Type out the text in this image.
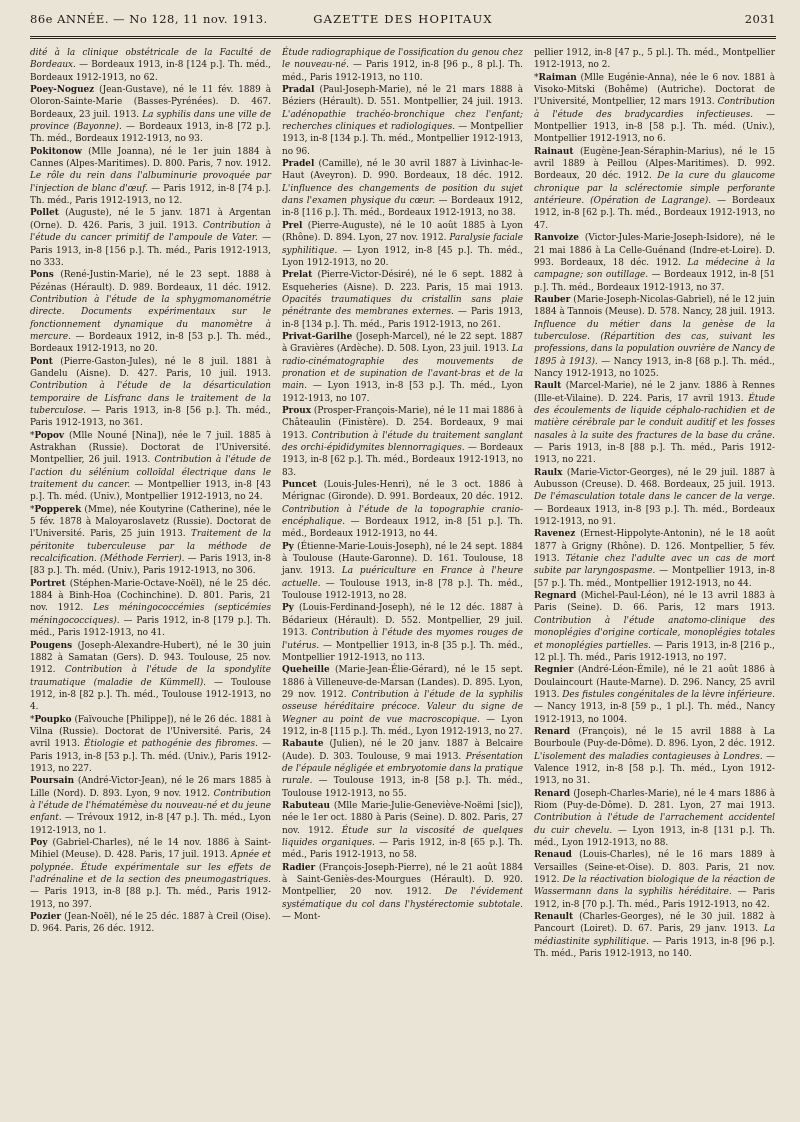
86e ANNÉE. — No 128, 11 nov. 1913.	GAZETTE DES HOPITAUX	2031

dité à la clinique obstétricale de la Faculté de Bordeaux. — Bordeaux 1913, in-8 [124 p.]. Th. méd., Bordeaux 1912-1913, no 62.

Poey-Noguez (Jean-Gustave), né le 11 fév. 1889 à Oloron-Sainte-Marie (Basses-Pyrénées). D. 467. Bordeaux, 23 juil. 1913. La syphilis dans une ville de province (Bayonne). — Bordeaux 1913, in-8 [72 p.]. Th. méd., Bordeaux 1912-1913, no 93.

Pokitonow (Mlle Joanna), né le 1er juin 1884 à Cannes (Alpes-Maritimes). D. 800. Paris, 7 nov. 1912. Le rôle du rein dans l'albuminurie provoquée par l'injection de blanc d'œuf. — Paris 1912, in-8 [74 p.]. Th. méd., Paris 1912-1913, no 12.

Pollet (Auguste), né le 5 janv. 1871 à Argentan (Orne). D. 426. Paris, 3 juil. 1913. Contribution à l'étude du cancer primitif de l'ampoule de Vater. — Paris 1913, in-8 [156 p.]. Th. méd., Paris 1912-1913, no 333.

Pons (René-Justin-Marie), né le 23 sept. 1888 à Pézénas (Hérault). D. 989. Bordeaux, 11 déc. 1912. Contribution à l'étude de la sphygmomanométrie directe. Documents expérimentaux sur le fonctionnement dynamique du manomètre à mercure. — Bordeaux 1912, in-8 [53 p.]. Th. méd., Bordeaux 1912-1913, no 20.

Pont (Pierre-Gaston-Jules), né le 8 juil. 1881 à Gandelu (Aisne). D. 427. Paris, 10 juil. 1913. Contribution à l'étude de la désarticulation temporaire de Lisfranc dans le traitement de la tuberculose. — Paris 1913, in-8 [56 p.]. Th. méd., Paris 1912-1913, no 361.

*Popov (Mlle Nouné [Nina]), née le 7 juil. 1885 à Astrakhan (Russie). Doctorat de l'Université. Montpellier, 26 juil. 1913. Contribution à l'étude de l'action du sélénium colloïdal électrique dans le traitement du cancer. — Montpellier 1913, in-8 [43 p.]. Th. méd. (Univ.), Montpellier 1912-1913, no 24.

*Popperek (Mme), née Koutyrine (Catherine), née le 5 fév. 1878 à Maloyaroslavetz (Russie). Doctorat de l'Université. Paris, 25 juin 1913. Traitement de la péritonite tuberculeuse par la méthode de recalcification. (Méthode Ferrier). — Paris 1913, in-8 [83 p.]. Th. méd. (Univ.), Paris 1912-1913, no 306.

Portret (Stéphen-Marie-Octave-Noël), né le 25 déc. 1884 à Binh-Hoa (Cochinchine). D. 801. Paris, 21 nov. 1912. Les méningococcémies (septicémies méningococciques). — Paris 1912, in-8 [179 p.]. Th. méd., Paris 1912-1913, no 41.

Pougens (Joseph-Alexandre-Hubert), né le 30 juin 1882 à Samatan (Gers). D. 943. Toulouse, 25 nov. 1912. Contribution à l'étude de la spondylite traumatique (maladie de Kümmell). — Toulouse 1912, in-8 [82 p.]. Th. méd., Toulouse 1912-1913, no 4.

*Poupko (Faïvouche [Philippe]), né le 26 déc. 1881 à Vilna (Russie). Doctorat de l'Université. Paris, 24 avril 1913. Étiologie et pathogénie des fibromes. — Paris 1913, in-8 [53 p.]. Th. méd. (Univ.), Paris 1912-1913, no 227.

Poursain (André-Victor-Jean), né le 26 mars 1885 à Lille (Nord). D. 893. Lyon, 9 nov. 1912. Contribution à l'étude de l'hématémèse du nouveau-né et du jeune enfant. — Trévoux 1912, in-8 [47 p.]. Th. méd., Lyon 1912-1913, no 1.

Poy (Gabriel-Charles), né le 14 nov. 1886 à Saint-Mihiel (Meuse). D. 428. Paris, 17 juil. 1913. Apnée et polypnée. Étude expérimentale sur les effets de l'adrénaline et de la section des pneumogastriques. — Paris 1913, in-8 [88 p.]. Th. méd., Paris 1912-1913, no 397.

Pozier (Jean-Noël), né le 25 déc. 1887 à Creil (Oise). D. 964. Paris, 26 déc. 1912.

Étude radiographique de l'ossification du genou chez le nouveau-né. — Paris 1912, in-8 [96 p., 8 pl.]. Th. méd., Paris 1912-1913, no 110.

Pradal (Paul-Joseph-Marie), né le 21 mars 1888 à Béziers (Hérault). D. 551. Montpellier, 24 juil. 1913. L'adénopathie trachéo-bronchique chez l'enfant; recherches cliniques et radiologiques. — Montpellier 1913, in-8 [134 p.]. Th. méd., Montpellier 1912-1913, no 96.

Pradel (Camille), né le 30 avril 1887 à Livinhac-le-Haut (Aveyron). D. 990. Bordeaux, 18 déc. 1912. L'influence des changements de position du sujet dans l'examen physique du cœur. — Bordeaux 1912, in-8 [116 p.]. Th. méd., Bordeaux 1912-1913, no 38.

Prel (Pierre-Auguste), né le 10 août 1885 à Lyon (Rhône). D. 894. Lyon, 27 nov. 1912. Paralysie faciale syphilitique. — Lyon 1912, in-8 [45 p.]. Th. méd., Lyon 1912-1913, no 20.

Prelat (Pierre-Victor-Désiré), né le 6 sept. 1882 à Esqueheries (Aisne). D. 223. Paris, 15 mai 1913. Opacités traumatiques du cristallin sans plaie pénétrante des membranes externes. — Paris 1913, in-8 [134 p.]. Th. méd., Paris 1912-1913, no 261.

Privat-Garilhe (Joseph-Marcel), né le 22 sept. 1887 à Gravières (Ardèche). D. 508. Lyon, 23 juil. 1913. La radio-cinématographie des mouvements de pronation et de supination de l'avant-bras et de la main. — Lyon 1913, in-8 [53 p.]. Th. méd., Lyon 1912-1913, no 107.

Proux (Prosper-François-Marie), né le 11 mai 1886 à Châteaulin (Finistère). D. 254. Bordeaux, 9 mai 1913. Contribution à l'étude du traitement sanglant des orchi-épididymites blennorragiques. — Bordeaux 1913, in-8 [62 p.]. Th. méd., Bordeaux 1912-1913, no 83.

Puncet (Louis-Jules-Henri), né le 3 oct. 1886 à Mérignac (Gironde). D. 991. Bordeaux, 20 déc. 1912. Contribution à l'étude de la topographie cranio-encéphalique. — Bordeaux 1912, in-8 [51 p.]. Th. méd., Bordeaux 1912-1913, no 44.

Py (Étienne-Marie-Louis-Joseph), né le 24 sept. 1884 à Toulouse (Haute-Garonne). D. 161. Toulouse, 18 janv. 1913. La puériculture en France à l'heure actuelle. — Toulouse 1913, in-8 [78 p.]. Th. méd., Toulouse 1912-1913, no 28.

Py (Louis-Ferdinand-Joseph), né le 12 déc. 1887 à Bédarieux (Hérault). D. 552. Montpellier, 29 juil. 1913. Contribution à l'étude des myomes rouges de l'utérus. — Montpellier 1913, in-8 [35 p.]. Th. méd., Montpellier 1912-1913, no 113.

Queheille (Marie-Jean-Élie-Gérard), né le 15 sept. 1886 à Villeneuve-de-Marsan (Landes). D. 895. Lyon, 29 nov. 1912. Contribution à l'étude de la syphilis osseuse héréditaire précoce. Valeur du signe de Wegner au point de vue macroscopique. — Lyon 1912, in-8 [115 p.]. Th. méd., Lyon 1912-1913, no 27.

Rabaute (Julien), né le 20 janv. 1887 à Belcaire (Aude). D. 303. Toulouse, 9 mai 1913. Présentation de l'épaule négligée et embryotomie dans la pratique rurale. — Toulouse 1913, in-8 [58 p.]. Th. méd., Toulouse 1912-1913, no 55.

Rabuteau (Mlle Marie-Julie-Geneviève-Noëmi [sic]), née le 1er oct. 1880 à Paris (Seine). D. 802. Paris, 27 nov. 1912. Étude sur la viscosité de quelques liquides organiques. — Paris 1912, in-8 [65 p.]. Th. méd., Paris 1912-1913, no 58.

Radier (François-Joseph-Pierre), né le 21 août 1884 à Saint-Geniès-des-Mourgues (Hérault). D. 920. Montpellier, 20 nov. 1912. De l'évidement systématique du col dans l'hystérectomie subtotale. — Mont-

pellier 1912, in-8 [47 p., 5 pl.]. Th. méd., Montpellier 1912-1913, no 2.

*Raiman (Mlle Eugénie-Anna), née le 6 nov. 1881 à Visoko-Mitski (Bohême) (Autriche). Doctorat de l'Université, Montpellier, 12 mars 1913. Contribution à l'étude des bradycardies infectieuses. — Montpellier 1913, in-8 [58 p.]. Th. méd. (Univ.), Montpellier 1912-1913, no 6.

Rainaut (Eugène-Jean-Séraphin-Marius), né le 15 avril 1889 à Peillou (Alpes-Maritimes). D. 992. Bordeaux, 20 déc. 1912. De la cure du glaucome chronique par la sclérectomie simple perforante antérieure. (Opération de Lagrange). — Bordeaux 1912, in-8 [62 p.]. Th. méd., Bordeaux 1912-1913, no 47.

Ranvoize (Victor-Jules-Marie-Joseph-Isidore), né le 21 mai 1886 à La Celle-Guénand (Indre-et-Loire). D. 993. Bordeaux, 18 déc. 1912. La médecine à la campagne; son outillage. — Bordeaux 1912, in-8 [51 p.]. Th. méd., Bordeaux 1912-1913, no 37.

Rauber (Marie-Joseph-Nicolas-Gabriel), né le 12 juin 1884 à Tannois (Meuse). D. 578. Nancy, 28 juil. 1913. Influence du métier dans la genèse de la tuberculose. (Répartition des cas, suivant les professions, dans la population ouvrière de Nancy de 1895 à 1913). — Nancy 1913, in-8 [68 p.]. Th. méd., Nancy 1912-1913, no 1025.

Rault (Marcel-Marie), né le 2 janv. 1886 à Rennes (Ille-et-Vilaine). D. 224. Paris, 17 avril 1913. Étude des écoulements de liquide céphalo-rachidien et de matière cérébrale par le conduit auditif et les fosses nasales à la suite des fractures de la base du crâne. — Paris 1913, in-8 [88 p.]. Th. méd., Paris 1912-1913, no 221.

Raulx (Marie-Victor-Georges), né le 29 juil. 1887 à Aubusson (Creuse). D. 468. Bordeaux, 25 juil. 1913. De l'émasculation totale dans le cancer de la verge. — Bordeaux 1913, in-8 [93 p.]. Th. méd., Bordeaux 1912-1913, no 91.

Ravenez (Ernest-Hippolyte-Antonin), né le 18 août 1877 à Grigny (Rhône). D. 126. Montpellier, 5 fév. 1913. Tétanie chez l'adulte avec un cas de mort subite par laryngospasme. — Montpellier 1913, in-8 [57 p.]. Th. méd., Montpellier 1912-1913, no 44.

Regnard (Michel-Paul-Léon), né le 13 avril 1883 à Paris (Seine). D. 66. Paris, 12 mars 1913. Contribution à l'étude anatomo-clinique des monoplégies d'origine corticale, monoplégies totales et monoplégies partielles. — Paris 1913, in-8 [216 p., 12 pl.]. Th. méd., Paris 1912-1913, no 197.

Regnier (André-Léon-Émile), né le 21 août 1886 à Doulaincourt (Haute-Marne). D. 296. Nancy, 25 avril 1913. Des fistules congénitales de la lèvre inférieure. — Nancy 1913, in-8 [59 p., 1 pl.]. Th. méd., Nancy 1912-1913, no 1004.

Renard (François), né le 15 avril 1888 à La Bourboule (Puy-de-Dôme). D. 896. Lyon, 2 déc. 1912. L'isolement des maladies contagieuses à Londres. — Valence 1912, in-8 [58 p.]. Th. méd., Lyon 1912-1913, no 31.

Renard (Joseph-Charles-Marie), né le 4 mars 1886 à Riom (Puy-de-Dôme). D. 281. Lyon, 27 mai 1913. Contribution à l'étude de l'arrachement accidentel du cuir chevelu. — Lyon 1913, in-8 [131 p.]. Th. méd., Lyon 1912-1913, no 88.

Renaud (Louis-Charles), né le 16 mars 1889 à Versailles (Seine-et-Oise). D. 803. Paris, 21 nov. 1912. De la réactivation biologique de la réaction de Wassermann dans la syphilis héréditaire. — Paris 1912, in-8 [70 p.]. Th. méd., Paris 1912-1913, no 42.

Renault (Charles-Georges), né le 30 juil. 1882 à Pancourt (Loiret). D. 67. Paris, 29 janv. 1913. La médiastinite syphilitique. — Paris 1913, in-8 [96 p.]. Th. méd., Paris 1912-1913, no 140.
